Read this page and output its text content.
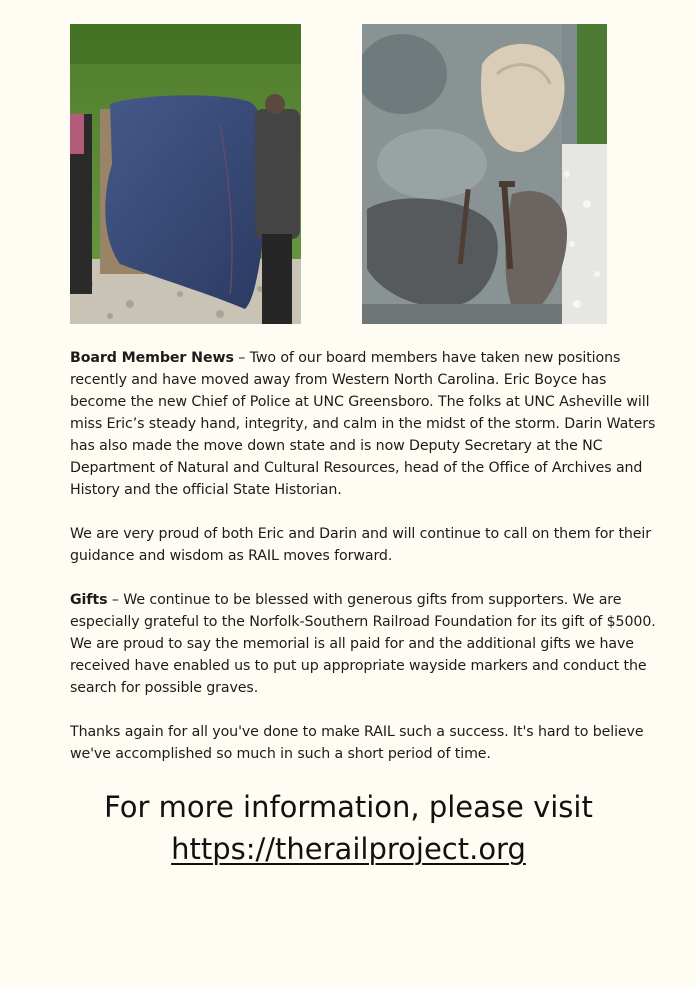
Board Member News – Two of our board members have taken new positions recently and have moved away from Western North Carolina. Eric Boyce has become the new Chief of Police at UNC Greensboro. The folks at UNC Asheville will miss Eric’s steady hand, integrity, and calm in the midst of the storm. Darin Waters has also made the move down state and is now Deputy Secretary at the NC Department of Natural and Cultural Resources, head of the Office of Archives and History and the official State Historian.

We are very proud of both Eric and Darin and will continue to call on them for their guidance and wisdom as RAIL moves forward.

Gifts – We continue to be blessed with generous gifts from supporters. We are especially grateful to the Norfolk-Southern Railroad Foundation for its gift of $5000. We are proud to say the memorial is all paid for and the additional gifts we have received have enabled us to put up appropriate wayside markers and conduct the search for possible graves.

Thanks again for all you've done to make RAIL such a success. It's hard to believe we've accomplished so much in such a short period of time.

For more information, please visit
https://therailproject.org
